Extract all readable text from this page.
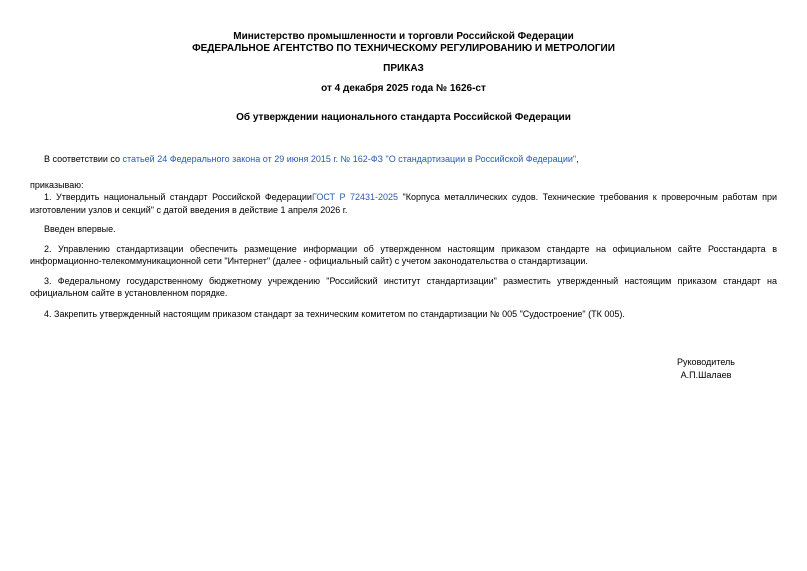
Министерство промышленности и торговли Российской Федерации
ФЕДЕРАЛЬНОЕ АГЕНТСТВО ПО ТЕХНИЧЕСКОМУ РЕГУЛИРОВАНИЮ И МЕТРОЛОГИИ
ПРИКАЗ
от 4 декабря 2025 года № 1626-ст
Об утверждении национального стандарта Российской Федерации

В соответствии со статьей 24 Федерального закона от 29 июня 2015 г. № 162-ФЗ "О стандартизации в Российской Федерации",

приказываю:

1. Утвердить национальный стандарт Российской ФедерацииГОСТ Р 72431-2025 "Корпуса металлических судов. Технические требования к проверочным работам при изготовлении узлов и секций" с датой введения в действие 1 апреля 2026 г.

Введен впервые.

2. Управлению стандартизации обеспечить размещение информации об утвержденном настоящим приказом стандарте на официальном сайте Росстандарта в информационно-телекоммуникационной сети "Интернет" (далее - официальный сайт) с учетом законодательства о стандартизации.

3. Федеральному государственному бюджетному учреждению "Российский институт стандартизации" разместить утвержденный настоящим приказом стандарт на официальном сайте в установленном порядке.

4. Закрепить утвержденный настоящим приказом стандарт за техническим комитетом по стандартизации № 005 "Судостроение" (ТК 005).

Руководитель
А.П.Шалаев
